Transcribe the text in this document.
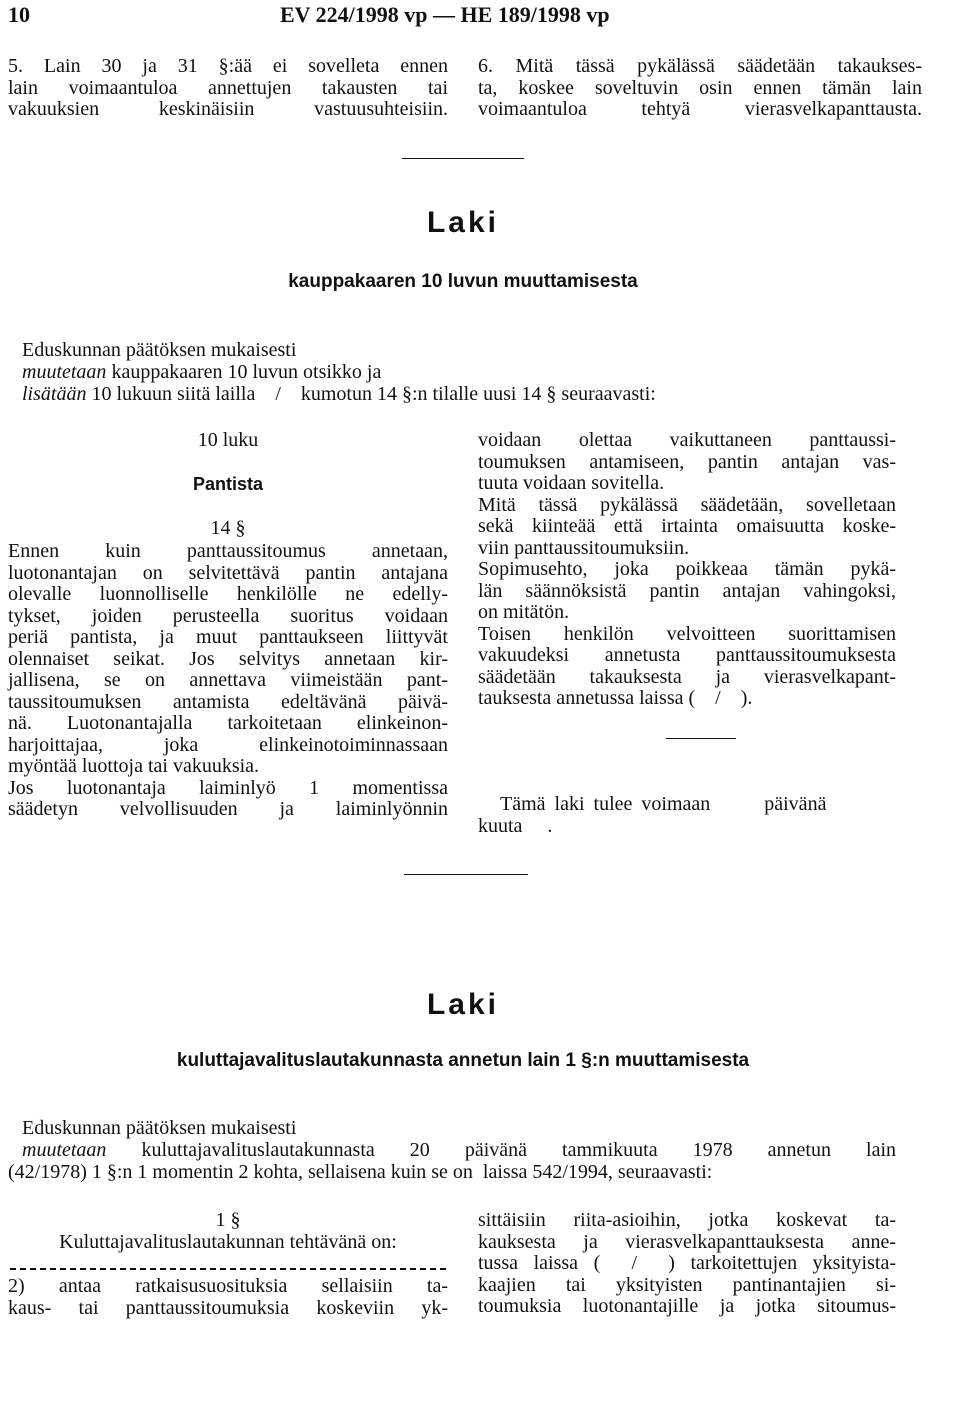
10	EV 224/1998 vp — HE 189/1998 vp
5. Lain 30 ja 31 §:ää ei sovelleta ennen
lain voimaantuloa annettujen takausten tai
vakuuksien keskinäisiin vastuusuhteisiin.
6. Mitä tässä pykälässä säädetään takaukses-
ta, koskee soveltuvin osin ennen tämän lain
voimaantuloa tehtyä vierasvelkapanttausta.
Laki
kauppakaaren 10 luvun muuttamisesta
Eduskunnan päätöksen mukaisesti
muutetaan kauppakaaren 10 luvun otsikko ja
lisätään 10 lukuun siitä lailla    /    kumotun 14 §:n tilalle uusi 14 § seuraavasti:
10 luku
Pantista
14 §
Ennen kuin panttaussitoumus annetaan,
luotonantajan on selvitettävä pantin antajana
olevalle luonnolliselle henkilölle ne edelly-
tykset, joiden perusteella suoritus voidaan
periä pantista, ja muut panttaukseen liittyvät
olennaiset seikat. Jos selvitys annetaan kir-
jallisena, se on annettava viimeistään pant-
taussitoumuksen antamista edeltävänä päivä-
nä. Luotonantajalla tarkoitetaan elinkeinon-
harjoittajaa, joka elinkeinotoiminnassaan
myöntää luottoja tai vakuuksia.
Jos luotonantaja laiminlyö 1 momentissa
säädetyn velvollisuuden ja laiminlyönnin
voidaan olettaa vaikuttaneen panttaussi-
toumuksen antamiseen, pantin antajan vas-
tuuta voidaan sovitella.
Mitä tässä pykälässä säädetään, sovelletaan
sekä kiinteää että irtainta omaisuutta koske-
viin panttaussitoumuksiin.
Sopimusehto, joka poikkeaa tämän pykä-
län säännöksistä pantin antajan vahingoksi,
on mitätön.
Toisen henkilön velvoitteen suorittamisen
vakuudeksi annetusta panttaussitoumuksesta
säädetään takauksesta ja vierasvelkapant-
tauksesta annetussa laissa (    /    ).
Tämä laki tulee voimaan      päivänä
kuuta     .
Laki
kuluttajavalituslautakunnasta annetun lain 1 §:n muuttamisesta
Eduskunnan päätöksen mukaisesti
muutetaan kuluttajavalituslautakunnasta 20 päivänä tammikuuta 1978 annetun lain
(42/1978) 1 §:n 1 momentin 2 kohta, sellaisena kuin se on  laissa 542/1994, seuraavasti:
1 §
Kuluttajavalituslautakunnan tehtävänä on:
2) antaa ratkaisusuosituksia sellaisiin ta-
kaus- tai panttaussitoumuksia koskeviin yk-
sittäisiin riita-asioihin, jotka koskevat ta-
kauksesta ja vierasvelkapanttauksesta anne-
tussa laissa (  /  ) tarkoitettujen yksityista-
kaajien tai yksityisten pantinantajien si-
toumuksia luotonantajille ja jotka sitoumus-
